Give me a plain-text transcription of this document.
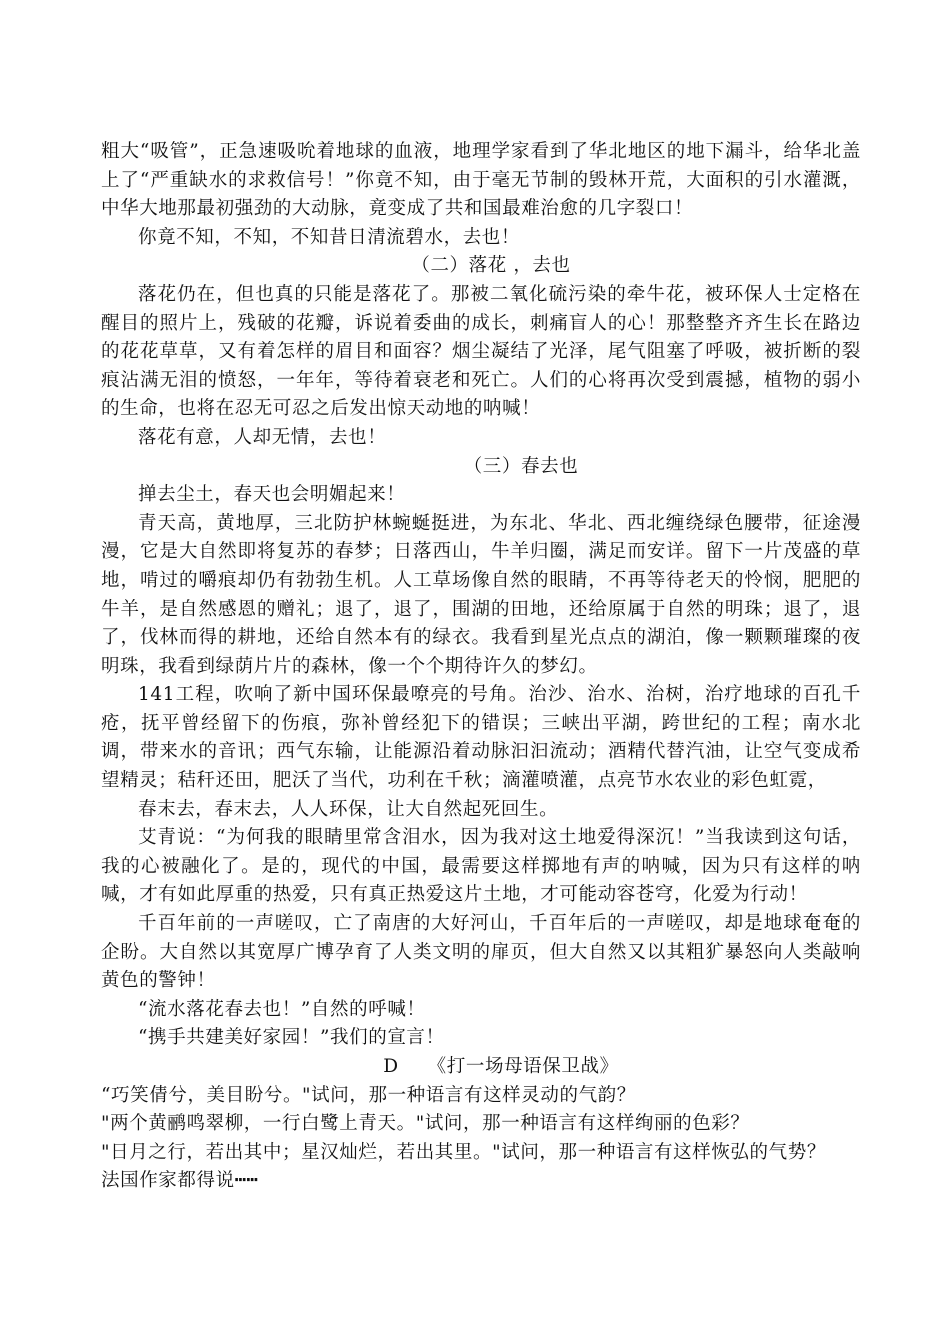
粗大“吸管”，正急速吸吮着地球的血液，地理学家看到了华北地区的地下漏斗，给华北盖上了“严重缺水的求救信号！”你竟不知，由于毫无节制的毁林开荒，大面积的引水灌溉，中华大地那最初强劲的大动脉，竟变成了共和国最难治愈的几字裂口！

你竟不知，不知，不知昔日清流碧水，去也！

（二）落花 ，去也

落花仍在，但也真的只能是落花了。那被二氧化硫污染的牵牛花，被环保人士定格在醒目的照片上，残破的花瓣，诉说着委曲的成长，刺痛盲人的心！那整整齐齐生长在路边的花花草草，又有着怎样的眉目和面容？烟尘凝结了光泽，尾气阻塞了呼吸，被折断的裂痕沾满无泪的愤怒，一年年，等待着衰老和死亡。人们的心将再次受到震撼，植物的弱小的生命，也将在忍无可忍之后发出惊天动地的呐喊！

落花有意，人却无情，去也！

（三）春去也

掸去尘土，春天也会明媚起来！

青天高，黄地厚，三北防护林蜿蜒挺进，为东北、华北、西北缠绕绿色腰带，征途漫漫，它是大自然即将复苏的春梦；日落西山，牛羊归圈，满足而安详。留下一片茂盛的草地，啃过的嚼痕却仍有勃勃生机。人工草场像自然的眼睛，不再等待老天的怜悯，肥肥的牛羊，是自然感恩的赠礼；退了，退了，围湖的田地，还给原属于自然的明珠；退了，退了，伐林而得的耕地，还给自然本有的绿衣。我看到星光点点的湖泊，像一颗颗璀璨的夜明珠，我看到绿荫片片的森林，像一个个期待许久的梦幻。

141工程，吹响了新中国环保最嘹亮的号角。治沙、治水、治树，治疗地球的百孔千疮，抚平曾经留下的伤痕，弥补曾经犯下的错误；三峡出平湖，跨世纪的工程；南水北调，带来水的音讯；西气东输，让能源沿着动脉汩汩流动；酒精代替汽油，让空气变成希望精灵；秸秆还田，肥沃了当代，功利在千秋；滴灌喷灌，点亮节水农业的彩色虹霓，

春末去，春末去，人人环保，让大自然起死回生。

艾青说：“为何我的眼睛里常含泪水，因为我对这土地爱得深沉！”当我读到这句话，我的心被融化了。是的，现代的中国，最需要这样掷地有声的呐喊，因为只有这样的呐喊，才有如此厚重的热爱，只有真正热爱这片土地，才可能动容苍穹，化爱为行动！

千百年前的一声嗟叹，亡了南唐的大好河山，千百年后的一声嗟叹，却是地球奄奄的企盼。大自然以其宽厚广博孕育了人类文明的扉页，但大自然又以其粗犷暴怒向人类敲响黄色的警钟！

“流水落花春去也！”自然的呼喊！

“携手共建美好家园！”我们的宣言！

D　　《打一场母语保卫战》

“巧笑倩兮，美目盼兮。"试问，那一种语言有这样灵动的气韵？

"两个黄鹂鸣翠柳，一行白鹭上青天。"试问，那一种语言有这样绚丽的色彩？

"日月之行，若出其中；星汉灿烂，若出其里。"试问，那一种语言有这样恢弘的气势？

法国作家都得说┅┅
